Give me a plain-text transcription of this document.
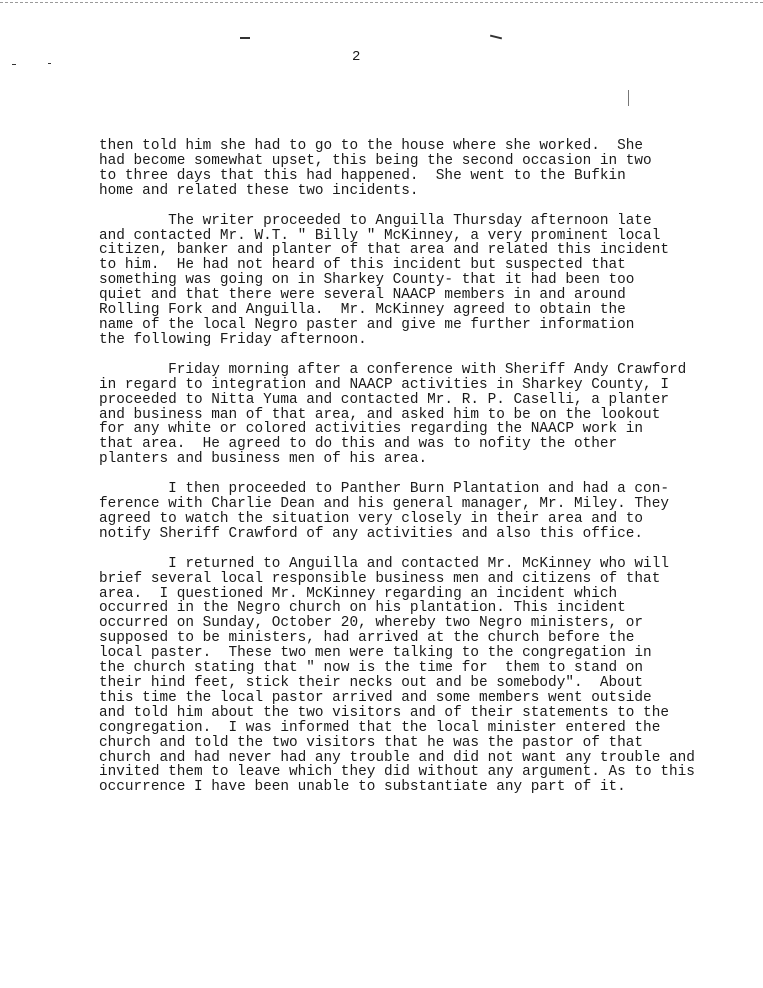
2

then told him she had to go to the house where she worked.  She
had become somewhat upset, this being the second occasion in two
to three days that this had happened.  She went to the Bufkin
home and related these two incidents.

The writer proceeded to Anguilla Thursday afternoon late
and contacted Mr. W.T. " Billy " McKinney, a very prominent local
citizen, banker and planter of that area and related this incident
to him.  He had not heard of this incident but suspected that
something was going on in Sharkey County- that it had been too
quiet and that there were several NAACP members in and around
Rolling Fork and Anguilla.  Mr. McKinney agreed to obtain the
name of the local Negro paster and give me further information
the following Friday afternoon.

Friday morning after a conference with Sheriff Andy Crawford
in regard to integration and NAACP activities in Sharkey County, I
proceeded to Nitta Yuma and contacted Mr. R. P. Caselli, a planter
and business man of that area, and asked him to be on the lookout
for any white or colored activities regarding the NAACP work in
that area.  He agreed to do this and was to nofity the other
planters and business men of his area.

I then proceeded to Panther Burn Plantation and had a con-
ference with Charlie Dean and his general manager, Mr. Miley. They
agreed to watch the situation very closely in their area and to
notify Sheriff Crawford of any activities and also this office.

I returned to Anguilla and contacted Mr. McKinney who will
brief several local responsible business men and citizens of that
area.  I questioned Mr. McKinney regarding an incident which
occurred in the Negro church on his plantation. This incident
occurred on Sunday, October 20, whereby two Negro ministers, or
supposed to be ministers, had arrived at the church before the
local paster.  These two men were talking to the congregation in
the church stating that " now is the time for  them to stand on
their hind feet, stick their necks out and be somebody".  About
this time the local pastor arrived and some members went outside
and told him about the two visitors and of their statements to the
congregation.  I was informed that the local minister entered the
church and told the two visitors that he was the pastor of that
church and had never had any trouble and did not want any trouble and
invited them to leave which they did without any argument. As to this
occurrence I have been unable to substantiate any part of it.
